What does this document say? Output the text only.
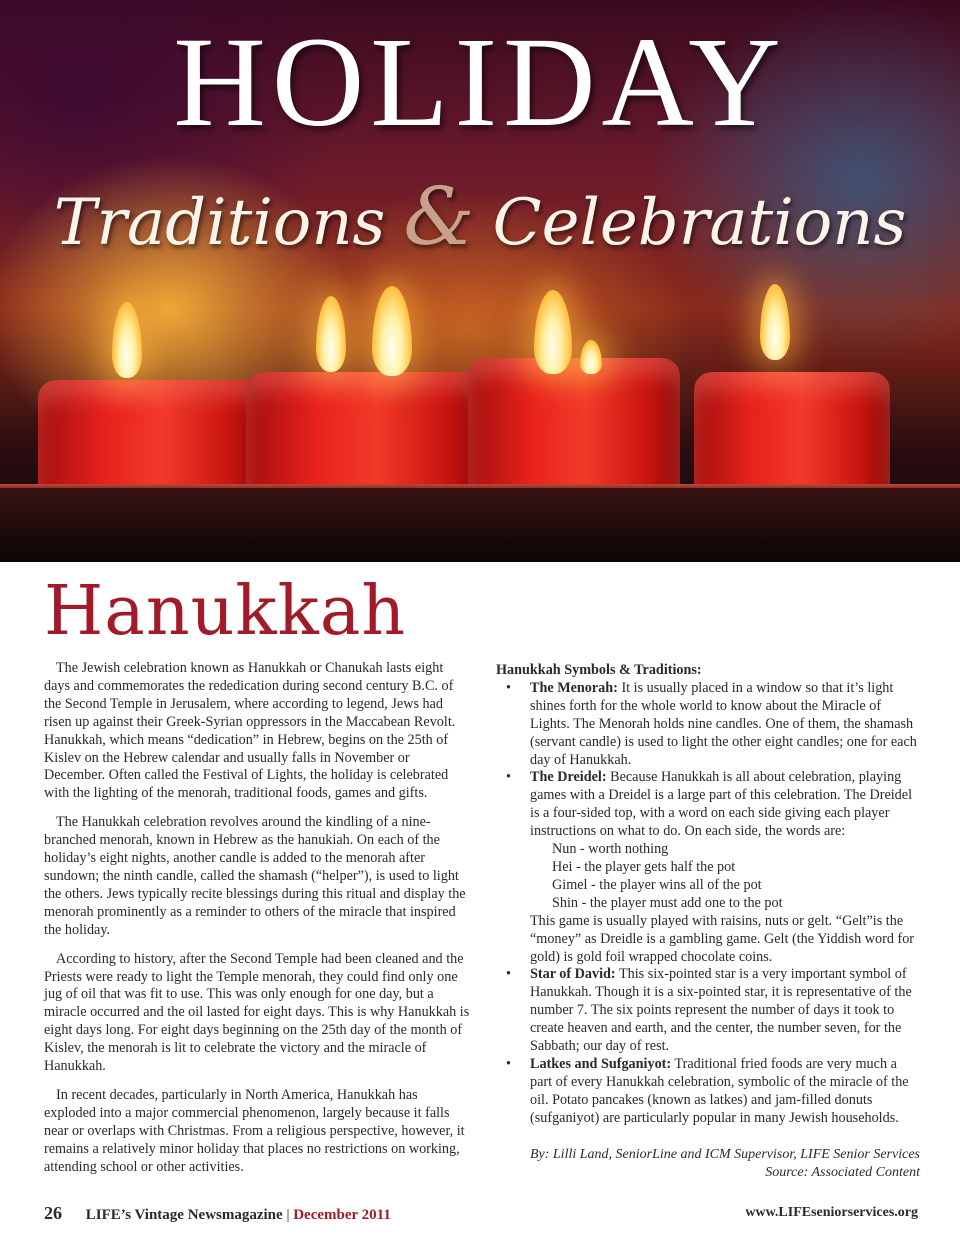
HOLIDAY
Traditions & Celebrations
Hanukkah

The Jewish celebration known as Hanukkah or Chanukah lasts eight days and commemorates the rededication during second century B.C. of the Second Temple in Jerusalem, where according to legend, Jews had risen up against their Greek-Syrian oppressors in the Maccabean Revolt. Hanukkah, which means “dedication” in Hebrew, begins on the 25th of Kislev on the Hebrew calendar and usually falls in November or December. Often called the Festival of Lights, the holiday is celebrated with the lighting of the menorah, traditional foods, games and gifts.

The Hanukkah celebration revolves around the kindling of a nine-branched menorah, known in Hebrew as the hanukiah. On each of the holiday’s eight nights, another candle is added to the menorah after sundown; the ninth candle, called the shamash (“helper”), is used to light the others. Jews typically recite blessings during this ritual and display the menorah prominently as a reminder to others of the miracle that inspired the holiday.

According to history, after the Second Temple had been cleaned and the Priests were ready to light the Temple menorah, they could find only one jug of oil that was fit to use. This was only enough for one day, but a miracle occurred and the oil lasted for eight days. This is why Hanukkah is eight days long. For eight days beginning on the 25th day of the month of Kislev, the menorah is lit to celebrate the victory and the miracle of Hanukkah.

In recent decades, particularly in North America, Hanukkah has exploded into a major commercial phenomenon, largely because it falls near or overlaps with Christmas. From a religious perspective, however, it remains a relatively minor holiday that places no restrictions on working, attending school or other activities.

Hanukkah Symbols & Traditions:

• The Menorah: It is usually placed in a window so that it’s light shines forth for the whole world to know about the Miracle of Lights. The Menorah holds nine candles. One of them, the shamash (servant candle) is used to light the other eight candles; one for each day of Hanukkah.
• The Dreidel: Because Hanukkah is all about celebration, playing games with a Dreidel is a large part of this celebration. The Dreidel is a four-sided top, with a word on each side giving each player instructions on what to do. On each side, the words are:
Nun - worth nothing
Hei - the player gets half the pot
Gimel - the player wins all of the pot
Shin - the player must add one to the pot
This game is usually played with raisins, nuts or gelt. “Gelt”is the “money” as Dreidle is a gambling game. Gelt (the Yiddish word for gold) is gold foil wrapped chocolate coins.
• Star of David: This six-pointed star is a very important symbol of Hanukkah. Though it is a six-pointed star, it is representative of the number 7. The six points represent the number of days it took to create heaven and earth, and the center, the number seven, for the Sabbath; our day of rest.
• Latkes and Sufganiyot: Traditional fried foods are very much a part of every Hanukkah celebration, symbolic of the miracle of the oil. Potato pancakes (known as latkes) and jam-filled donuts (sufganiyot) are particularly popular in many Jewish households.
By: Lilli Land, SeniorLine and ICM Supervisor, LIFE Senior Services
Source: Associated Content
26 LIFE’s Vintage Newsmagazine | December 2011	www.LIFEseniorservices.org
